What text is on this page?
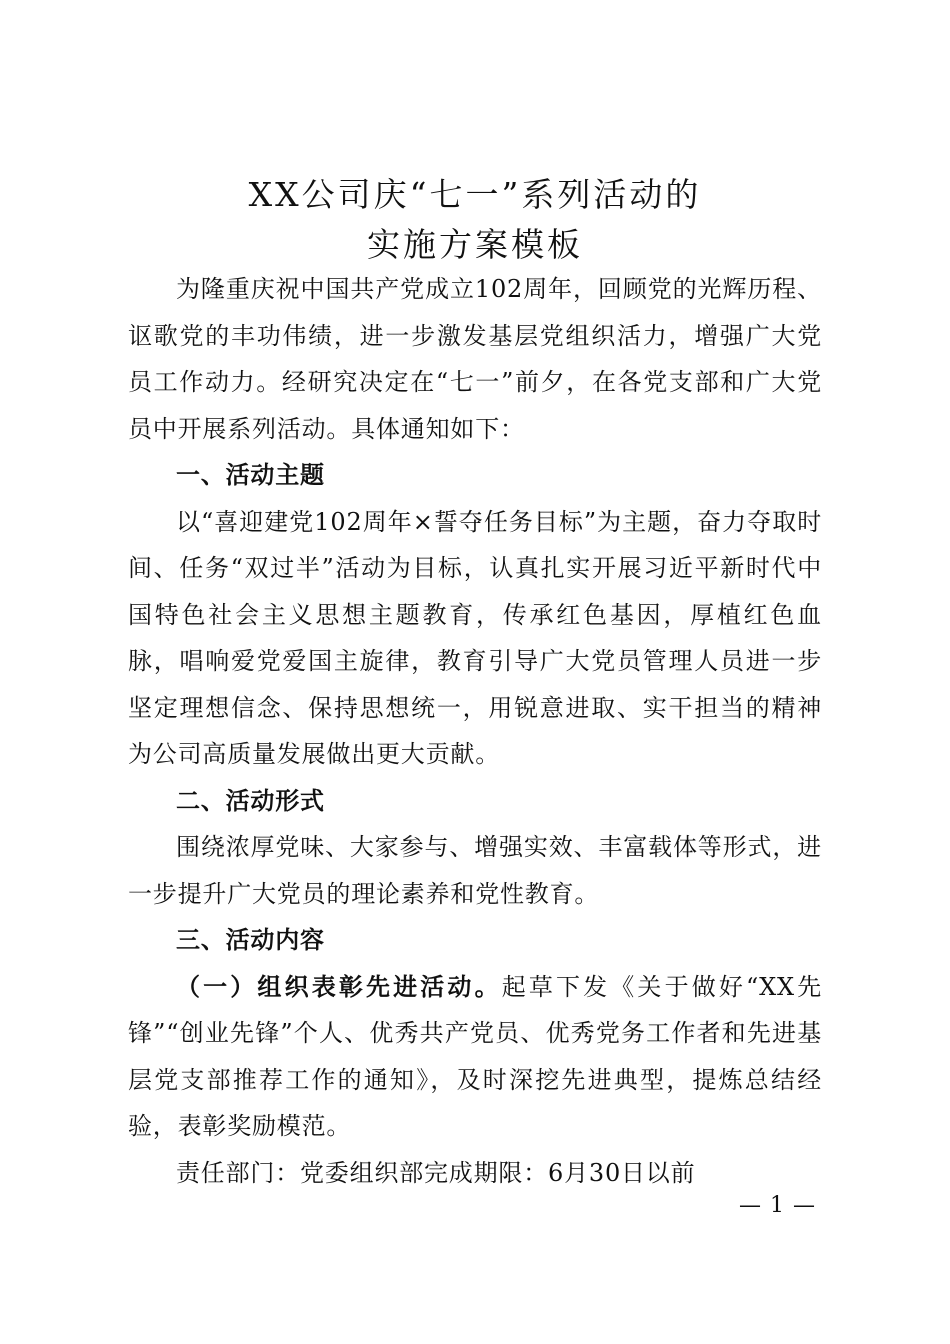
XX公司庆“七一”系列活动的
实施方案模板

为隆重庆祝中国共产党成立102周年，回顾党的光辉历程、讴歌党的丰功伟绩，进一步激发基层党组织活力，增强广大党员工作动力。经研究决定在“七一”前夕，在各党支部和广大党员中开展系列活动。具体通知如下：

一、活动主题

以“喜迎建党102周年×誓夺任务目标”为主题，奋力夺取时间、任务“双过半”活动为目标，认真扎实开展习近平新时代中国特色社会主义思想主题教育，传承红色基因，厚植红色血脉，唱响爱党爱国主旋律，教育引导广大党员管理人员进一步坚定理想信念、保持思想统一，用锐意进取、实干担当的精神为公司高质量发展做出更大贡献。

二、活动形式

围绕浓厚党味、大家参与、增强实效、丰富载体等形式，进一步提升广大党员的理论素养和党性教育。

三、活动内容

（一）组织表彰先进活动。起草下发《关于做好“XX先锋”“创业先锋”个人、优秀共产党员、优秀党务工作者和先进基层党支部推荐工作的通知》，及时深挖先进典型，提炼总结经验，表彰奖励模范。

责任部门：党委组织部完成期限：6月30日以前

— 1 —
